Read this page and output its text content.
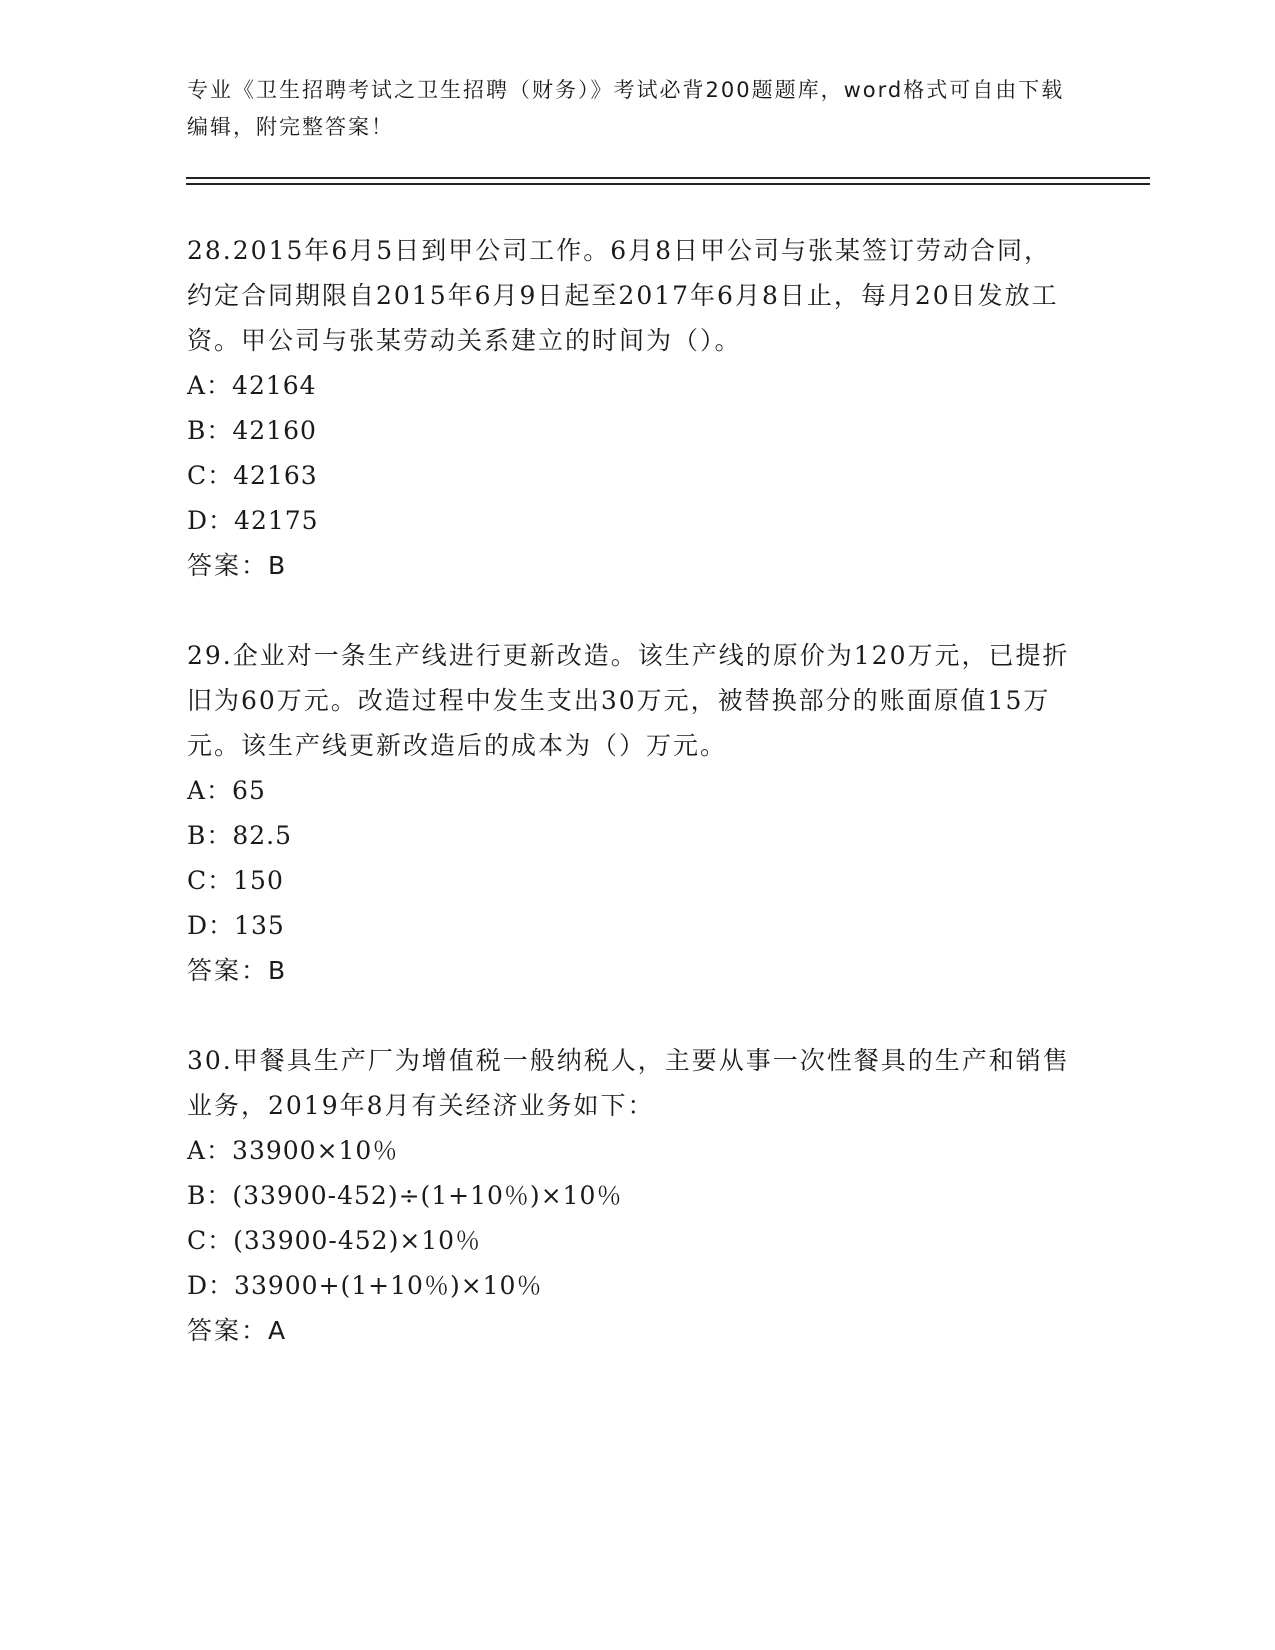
专业《卫生招聘考试之卫生招聘（财务）》考试必背200题题库，word格式可自由下载编辑，附完整答案！

28.2015年6月5日到甲公司工作。6月8日甲公司与张某签订劳动合同，约定合同期限自2015年6月9日起至2017年6月8日止，每月20日发放工资。甲公司与张某劳动关系建立的时间为（）。

A：42164

B：42160

C：42163

D：42175

答案：B

29.企业对一条生产线进行更新改造。该生产线的原价为120万元，已提折旧为60万元。改造过程中发生支出30万元，被替换部分的账面原值15万元。该生产线更新改造后的成本为（）万元。

A：65

B：82.5

C：150

D：135

答案：B

30.甲餐具生产厂为增值税一般纳税人，主要从事一次性餐具的生产和销售业务，2019年8月有关经济业务如下：

A：33900×10％

B：(33900-452)÷(1+10％)×10％

C：(33900-452)×10％

D：33900+(1+10％)×10％

答案：A
